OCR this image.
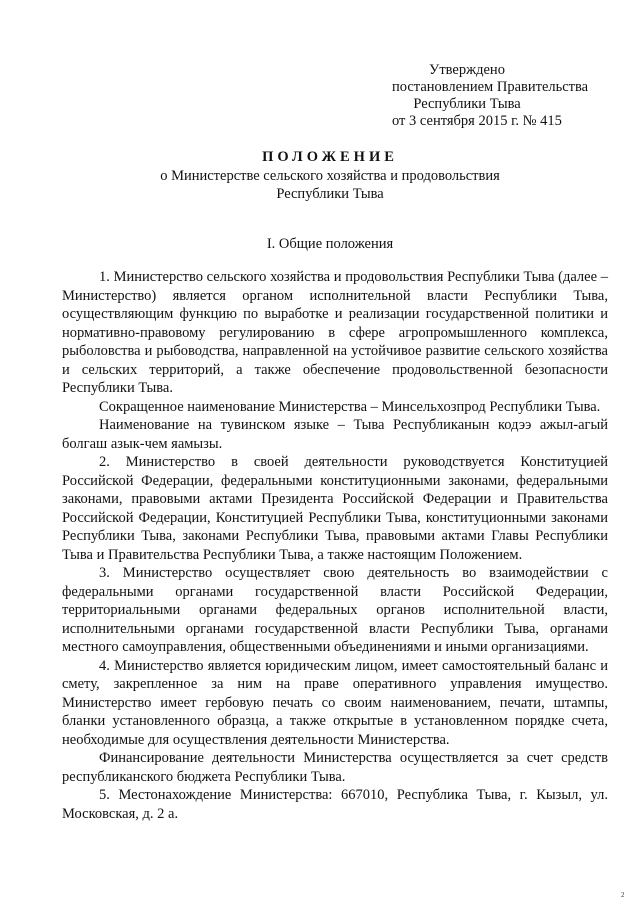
Утверждено
постановлением Правительства
Республики Тыва
от 3 сентября 2015 г. № 415
ПОЛОЖЕНИЕ
о Министерстве сельского хозяйства и продовольствия
Республики Тыва
I. Общие положения

1. Министерство сельского хозяйства и продовольствия Республики Тыва (далее – Министерство) является органом исполнительной власти Республики Тыва, осуществляющим функцию по выработке и реализации государственной политики и нормативно-правовому регулированию в сфере агропромышленного комплекса, рыболовства и рыбоводства, направленной на устойчивое развитие сельского хозяйства и сельских территорий, а также обеспечение продовольственной безопасности Республики Тыва.

Сокращенное наименование Министерства – Минсельхозпрод Республики Тыва.

Наименование на тувинском языке – Тыва Республиканын кодээ ажыл-агый болгаш азык-чем яамызы.

2. Министерство в своей деятельности руководствуется Конституцией Российской Федерации, федеральными конституционными законами, федеральными законами, правовыми актами Президента Российской Федерации и Правительства Российской Федерации, Конституцией Республики Тыва, конституционными законами Республики Тыва, законами Республики Тыва, правовыми актами Главы Республики Тыва и Правительства Республики Тыва, а также настоящим Положением.

3. Министерство осуществляет свою деятельность во взаимодействии с федеральными органами государственной власти Российской Федерации, территориальными органами федеральных органов исполнительной власти, исполнительными органами государственной власти Республики Тыва, органами местного самоуправления, общественными объединениями и иными организациями.

4. Министерство является юридическим лицом, имеет самостоятельный баланс и смету, закрепленное за ним на праве оперативного управления имущество. Министерство имеет гербовую печать со своим наименованием, печати, штампы, бланки установленного образца, а также открытые в установленном порядке счета, необходимые для осуществления деятельности Министерства.

Финансирование деятельности Министерства осуществляется за счет средств республиканского бюджета Республики Тыва.

5. Местонахождение Министерства: 667010, Республика Тыва, г. Кызыл, ул. Московская, д. 2 а.

2
